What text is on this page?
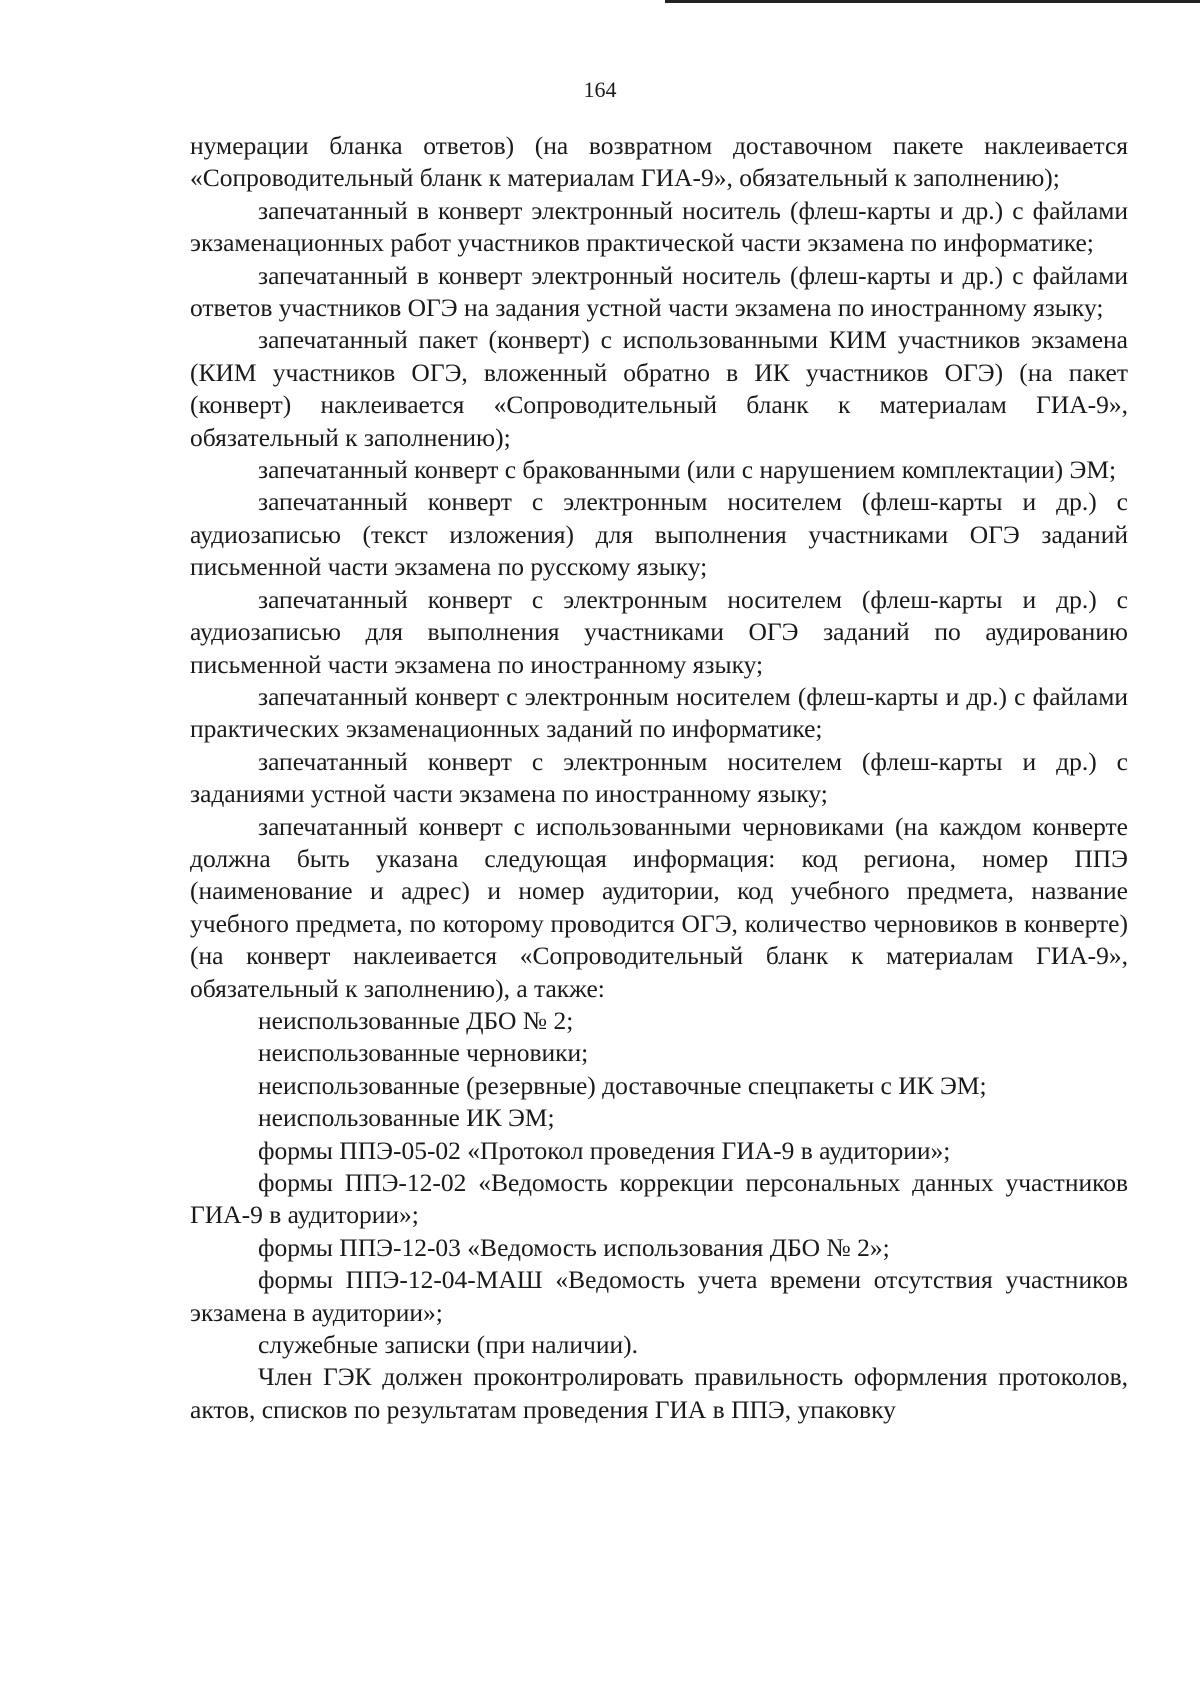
164

нумерации бланка ответов) (на возвратном доставочном пакете наклеивается «Сопроводительный бланк к материалам ГИА-9», обязательный к заполнению);

запечатанный в конверт электронный носитель (флеш-карты и др.) с файлами экзаменационных работ участников практической части экзамена по информатике;

запечатанный в конверт электронный носитель (флеш-карты и др.) с файлами ответов участников ОГЭ на задания устной части экзамена по иностранному языку;

запечатанный пакет (конверт) с использованными КИМ участников экзамена (КИМ участников ОГЭ, вложенный обратно в ИК участников ОГЭ) (на пакет (конверт) наклеивается «Сопроводительный бланк к материалам ГИА-9», обязательный к заполнению);

запечатанный конверт с бракованными (или с нарушением комплектации) ЭМ;

запечатанный конверт с электронным носителем (флеш-карты и др.) с аудиозаписью (текст изложения) для выполнения участниками ОГЭ заданий письменной части экзамена по русскому языку;

запечатанный конверт с электронным носителем (флеш-карты и др.) с аудиозаписью для выполнения участниками ОГЭ заданий по аудированию письменной части экзамена по иностранному языку;

запечатанный конверт с электронным носителем (флеш-карты и др.) с файлами практических экзаменационных заданий по информатике;

запечатанный конверт с электронным носителем (флеш-карты и др.) с заданиями устной части экзамена по иностранному языку;

запечатанный конверт с использованными черновиками (на каждом конверте должна быть указана следующая информация: код региона, номер ППЭ (наименование и адрес) и номер аудитории, код учебного предмета, название учебного предмета, по которому проводится ОГЭ, количество черновиков в конверте) (на конверт наклеивается «Сопроводительный бланк к материалам ГИА-9», обязательный к заполнению), а также:

неиспользованные ДБО № 2;

неиспользованные черновики;

неиспользованные (резервные) доставочные спецпакеты с ИК ЭМ;

неиспользованные ИК ЭМ;

формы ППЭ-05-02 «Протокол проведения ГИА-9 в аудитории»;

формы ППЭ-12-02 «Ведомость коррекции персональных данных участников ГИА-9 в аудитории»;

формы ППЭ-12-03 «Ведомость использования ДБО № 2»;

формы ППЭ-12-04-МАШ «Ведомость учета времени отсутствия участников экзамена в аудитории»;

служебные записки (при наличии).

Член ГЭК должен проконтролировать правильность оформления протоколов, актов, списков по результатам проведения ГИА в ППЭ, упаковку
